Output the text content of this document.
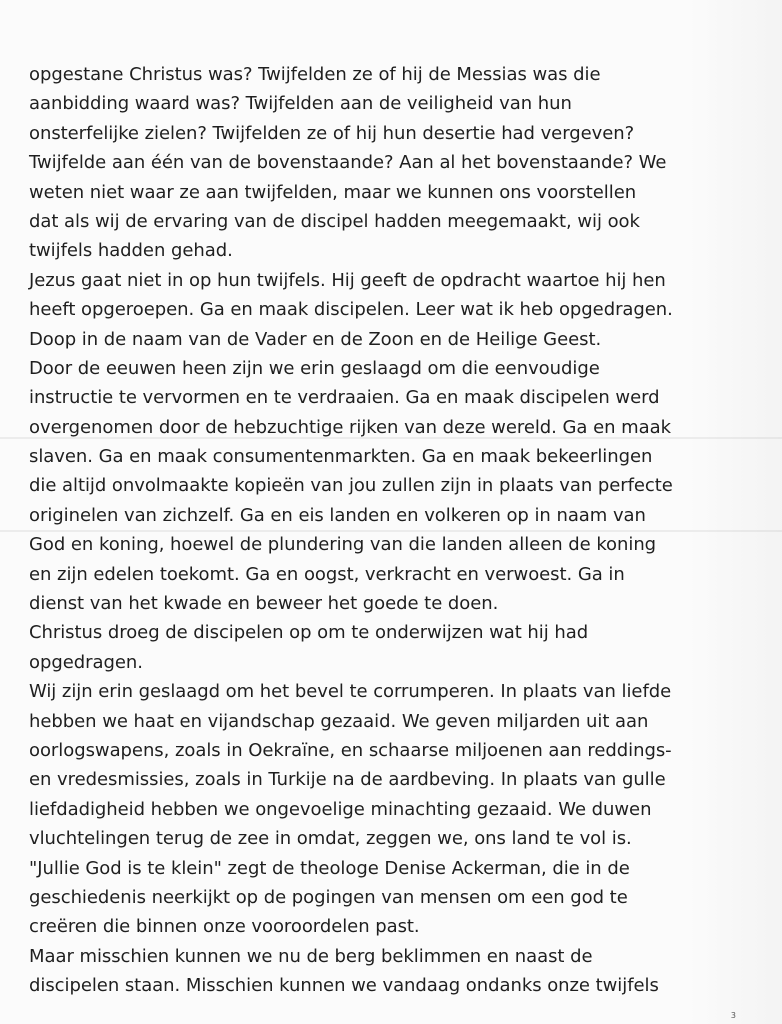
opgestane Christus was? Twijfelden ze of hij de Messias was die
aanbidding waard was? Twijfelden aan de veiligheid van hun
onsterfelijke zielen? Twijfelden ze of hij hun desertie had vergeven?
Twijfelde aan één van de bovenstaande? Aan al het bovenstaande? We
weten niet waar ze aan twijfelden, maar we kunnen ons voorstellen
dat als wij de ervaring van de discipel hadden meegemaakt, wij ook
twijfels hadden gehad.
Jezus gaat niet in op hun twijfels. Hij geeft de opdracht waartoe hij hen
heeft opgeroepen. Ga en maak discipelen. Leer wat ik heb opgedragen.
Doop in de naam van de Vader en de Zoon en de Heilige Geest.
Door de eeuwen heen zijn we erin geslaagd om die eenvoudige
instructie te vervormen en te verdraaien. Ga en maak discipelen werd
overgenomen door de hebzuchtige rijken van deze wereld. Ga en maak
slaven. Ga en maak consumentenmarkten. Ga en maak bekeerlingen
die altijd onvolmaakte kopieën van jou zullen zijn in plaats van perfecte
originelen van zichzelf. Ga en eis landen en volkeren op in naam van
God en koning, hoewel de plundering van die landen alleen de koning
en zijn edelen toekomt. Ga en oogst, verkracht en verwoest. Ga in
dienst van het kwade en beweer het goede te doen.
Christus droeg de discipelen op om te onderwijzen wat hij had
opgedragen.
Wij zijn erin geslaagd om het bevel te corrumperen. In plaats van liefde
hebben we haat en vijandschap gezaaid. We geven miljarden uit aan
oorlogswapens, zoals in Oekraïne, en schaarse miljoenen aan reddings-
en vredesmissies, zoals in Turkije na de aardbeving. In plaats van gulle
liefdadigheid hebben we ongevoelige minachting gezaaid. We duwen
vluchtelingen terug de zee in omdat, zeggen we, ons land te vol is.
"Jullie God is te klein" zegt de theologe Denise Ackerman, die in de
geschiedenis neerkijkt op de pogingen van mensen om een god te
creëren die binnen onze vooroordelen past.
Maar misschien kunnen we nu de berg beklimmen en naast de
discipelen staan. Misschien kunnen we vandaag ondanks onze twijfels
3
